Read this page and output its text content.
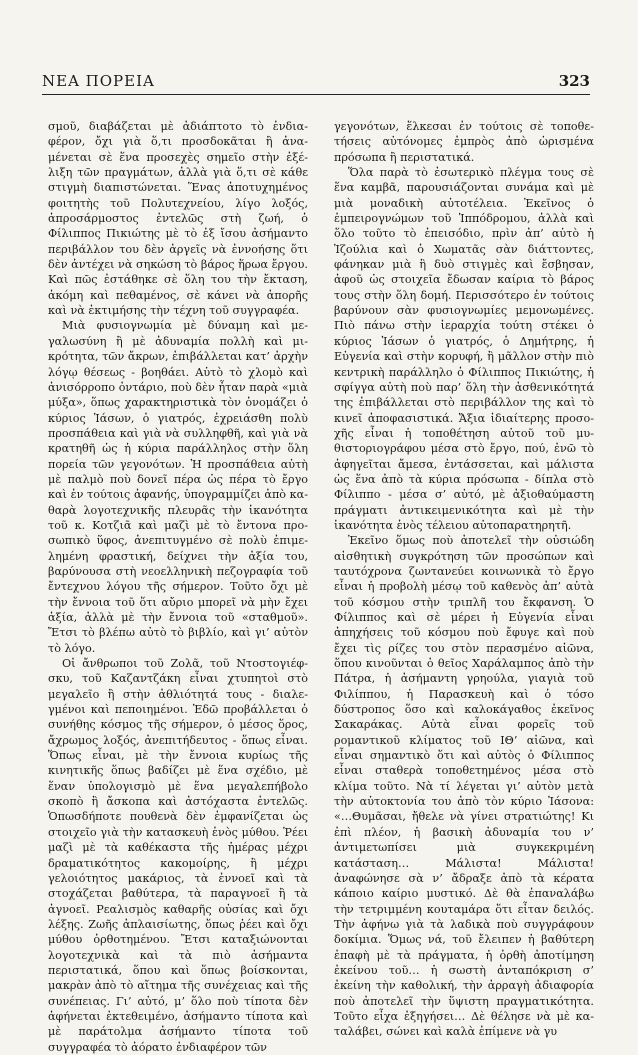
ΝΕΑ ΠΟΡΕΙΑ	323

σμοῦ, διαβάζεται μὲ ἀδιάπτοτο τὸ ἐνδιαφέρον, ὄχι γιὰ ὅ,τι προσδοκᾶται ἢ ἀναμένεται σὲ ἕνα προσεχὲς σημεῖο στὴν ἐξέλιξη τῶν πραγμάτων, ἀλλὰ γιὰ ὅ,τι σὲ κάθε στιγμὴ διαπιστώνεται. Ἕνας ἀποτυχημένος φοιτητὴς τοῦ Πολυτεχνείου, λίγο λοξός, ἀπροσάρμοστος ἐντελῶς στὴ ζωή, ὁ Φίλιππος Πικιώτης μὲ τὸ ἐξ ἴσου ἀσήμαντο περιβάλλον του δὲν ἀργεῖς νὰ ἐννοήσης ὅτι δὲν ἀντέχει νὰ σηκώση τὸ βάρος ἥρωα ἔργου. Καὶ πῶς ἐστάθηκε σὲ ὅλη του τὴν ἔκταση, ἀκόμη καὶ πεθαμένος, σὲ κάνει νὰ ἀπορῆς καὶ νὰ ἐκτιμήσης τὴν τέχνη τοῦ συγγραφέα.

Μιὰ φυσιογνωμία μὲ δύναμη καὶ μεγαλωσύνη ἢ μὲ ἀδυναμία πολλὴ καὶ μικρότητα, τῶν ἄκρων, ἐπιβάλλεται κατ’ ἀρχὴν λόγῳ θέσεως - βοηθάει. Αὐτὸ τὸ χλομὸ καὶ ἀνισόρροπο ὀντάριο, ποὺ δὲν ἦταν παρὰ «μιὰ μύξα», ὅπως χαρακτηριστικὰ τὸν ὀνομάζει ὁ κύριος Ἰάσων, ὁ γιατρός, ἐχρειάσθη πολὺ προσπάθεια καὶ γιὰ νὰ συλληφθῆ, καὶ γιὰ νὰ κρατηθῆ ὡς ἡ κύρια παράλληλος στὴν ὅλη πορεία τῶν γεγονότων. Ἡ προσπάθεια αὐτὴ μὲ παλμὸ ποὺ δονεῖ πέρα ὡς πέρα τὸ ἔργο καὶ ἐν τούτοις ἀφανής, ὑπογραμμίζει ἀπὸ καθαρὰ λογοτεχνικῆς πλευρᾶς τὴν ἱκανότητα τοῦ κ. Κοτζιᾶ καὶ μαζὶ μὲ τὸ ἔντονα προσωπικὸ ὕφος, ἀνεπιτυγμένο σὲ πολὺ ἐπιμελημένη φραστική, δείχνει τὴν ἀξία του, βαρύνουσα στὴ νεοελληνικὴ πεζογραφία τοῦ ἔντεχνου λόγου τῆς σήμερον. Τοῦτο ὄχι μὲ τὴν ἔννοια τοῦ ὅτι αὔριο μπορεῖ νὰ μὴν ἔχει ἀξία, ἀλλὰ μὲ τὴν ἔννοια τοῦ «σταθμοῦ». Ἔτσι τὸ βλέπω αὐτὸ τὸ βιβλίο, καὶ γι’ αὐτὸν τὸ λόγο.

Οἱ ἄνθρωποι τοῦ Ζολᾶ, τοῦ Ντοστογιέφσκυ, τοῦ Καζαντζάκη εἶναι χτυπητοὶ στὸ μεγαλεῖο ἢ στὴν ἀθλιότητά τους - διαλεγμένοι καὶ πεποιημένοι. Ἐδῶ προβάλλεται ὁ συνήθης κόσμος τῆς σήμερον, ὁ μέσος ὅρος, ἄχρωμος λοξός, ἀνεπιτήδευτος - ὅπως εἶναι. Ὅπως εἶναι, μὲ τὴν ἔννοια κυρίως τῆς κινητικῆς ὅπως βαδίζει μὲ ἕνα σχέδιο, μὲ ἕναν ὑπολογισμὸ μὲ ἕνα μεγαλεπήβολο σκοπὸ ἢ ἄσκοπα καὶ ἀστόχαστα ἐντελῶς. Ὁπωσδήποτε πουθενὰ δὲν ἐμφανίζεται ὡς στοιχεῖο γιὰ τὴν κατασκευὴ ἑνὸς μύθου. Ῥέει μαζὶ μὲ τὰ καθέκαστα τῆς ἡμέρας μέχρι δραματικότητος κακομοίρης, ἢ μέχρι γελοιότητος μακάριος, τὰ ἐννοεῖ καὶ τὰ στοχάζεται βαθύτερα, τὰ παραγνοεῖ ἢ τὰ ἀγνοεῖ. Ρεαλισμὸς καθαρῆς οὐσίας καὶ ὄχι λέξης. Ζωῆς ἁπλαισίωτης, ὅπως ῥέει καὶ ὄχι μύθου ὀρθοτημένου. Ἔτσι καταξιώνονται λογοτεχνικὰ καὶ τὰ πιὸ ἀσήμαντα περιστατικά, ὅπου καὶ ὅπως βοίσκονται, μακρὰν ἀπὸ τὸ αἴτημα τῆς συνέχειας καὶ τῆς συνέπειας. Γι’ αὐτό, μ’ ὅλο ποὺ τίποτα δὲν ἀφήνεται ἐκτεθειμένο, ἀσήμαντο τίποτα καὶ μὲ παράτολμα ἀσήμαντο τίποτα τοῦ συγγραφέα τὸ ἀόρατο ἐνδιαφέρον τῶν

γεγονότων, ἕλκεσαι ἐν τούτοις σὲ τοποθετήσεις αὐτόνομες ἐμπρὸς ἀπὸ ὡρισμένα πρόσωπα ἢ περιστατικά.

Ὅλα παρὰ τὸ ἐσωτερικὸ πλέγμα τους σὲ ἕνα καμβᾶ, παρουσιάζονται συνάμα καὶ μὲ μιὰ μοναδικὴ αὐτοτέλεια. Ἐκεῖνος ὁ ἐμπειρογνώμων τοῦ Ἱππόδρομου, ἀλλὰ καὶ ὅλο τοῦτο τὸ ἐπεισόδιο, πρὶν ἀπ’ αὐτὸ ἡ Ἰζούλια καὶ ὁ Χωματᾶς σὰν διάττοντες, φάνηκαν μιὰ ἢ δυὸ στιγμὲς καὶ ἔσβησαν, ἀφοῦ ὡς στοιχεῖα ἔδωσαν καίρια τὸ βάρος τους στὴν ὅλη δομή. Περισσότερο ἐν τούτοις βαρύνουν σὰν φυσιογνωμίες μεμονωμένες. Πιὸ πάνω στὴν ἱεραρχία τούτη στέκει ὁ κύριος Ἰάσων ὁ γιατρός, ὁ Δημήτρης, ἡ Εὐγενία καὶ στὴν κορυφή, ἢ μᾶλλον στὴν πιὸ κεντρικὴ παράλληλο ὁ Φίλιππος Πικιώτης, ἡ σφίγγα αὐτὴ ποὺ παρ’ ὅλη τὴν ἀσθενικότητά της ἐπιβάλλεται στὸ περιβάλλον της καὶ τὸ κινεῖ ἀποφασιστικά. Ἄξια ἰδιαίτερης προσοχῆς εἶναι ἡ τοποθέτηση αὐτοῦ τοῦ μυθιστοριογράφου μέσα στὸ ἔργο, πού, ἐνῶ τὸ ἀφηγεῖται ἄμεσα, ἐντάσσεται, καὶ μάλιστα ὡς ἕνα ἀπὸ τὰ κύρια πρόσωπα - δίπλα στὸ Φίλιππο - μέσα σ’ αὐτό, μὲ ἀξιοθαύμαστη πράγματι ἀντικειμενικότητα καὶ μὲ τὴν ἱκανότητα ἑνὸς τέλειου αὐτοπαρατηρητῆ.

Ἐκεῖνο ὅμως ποὺ ἀποτελεῖ τὴν οὐσιώδη αἰσθητικὴ συγκρότηση τῶν προσώπων καὶ ταυτόχρονα ζωντανεύει κοινωνικὰ τὸ ἔργο εἶναι ἡ προβολὴ μέσῳ τοῦ καθενὸς ἀπ’ αὐτὰ τοῦ κόσμου στὴν τριπλῆ του ἔκφανση. Ὁ Φίλιππος καὶ σὲ μέρει ἡ Εὐγενία εἶναι ἀπηχήσεις τοῦ κόσμου ποὺ ἔφυγε καὶ ποὺ ἔχει τὶς ρίζες του στὸν περασμένο αἰῶνα, ὅπου κινοῦνται ὁ θεῖος Χαράλαμπος ἀπὸ τὴν Πάτρα, ἡ ἀσήμαντη γρηούλα, γιαγιὰ τοῦ Φιλίππου, ἡ Παρασκευὴ καὶ ὁ τόσο δύστροπος ὅσο καὶ καλοκάγαθος ἐκεῖνος Σακαράκας. Αὐτὰ εἶναι φορεῖς τοῦ ρομαντικοῦ κλίματος τοῦ ΙΘ’ αἰῶνα, καὶ εἶναι σημαντικὸ ὅτι καὶ αὐτὸς ὁ Φίλιππος εἶναι σταθερὰ τοποθετημένος μέσα στὸ κλίμα τοῦτο. Νὰ τί λέγεται γι’ αὐτὸν μετὰ τὴν αὐτοκτονία του ἀπὸ τὸν κύριο Ἰάσονα: «…Θυμᾶσαι, ἤθελε νὰ γίνει στρατιώτης! Κι ἐπὶ πλέον, ἡ βασικὴ ἀδυναμία του ν’ ἀντιμετωπίσει μιὰ συγκεκριμένη κατάσταση… Μάλιστα! Μάλιστα! ἀναφώνησε σὰ ν’ ἄδραξε ἀπὸ τὰ κέρατα κάποιο καίριο μυστικό. Δὲ θὰ ἐπαναλάβω τὴν τετριμμένη κουταμάρα ὅτι εἶταν δειλός. Τὴν ἀφήνω γιὰ τὰ λαδικὰ ποὺ συγγράφουν δοκίμια. Ὅμως νά, τοῦ ἔλειπεν ἡ βαθύτερη ἐπαφὴ μὲ τὰ πράγματα, ἡ ὀρθὴ ἀποτίμηση ἐκείνου τοῦ… ἡ σωστὴ ἀνταπόκριση σ’ ἐκείνη τὴν καθολική, τὴν ἀρραγὴ ἀδιαφορία ποὺ ἀποτελεῖ τὴν ὕψιστη πραγματικότητα. Τοῦτο εἶχα ἐξηγήσει… Δὲ θέλησε νὰ μὲ καταλάβει, σώνει καὶ καλὰ ἐπίμενε νὰ γυ
